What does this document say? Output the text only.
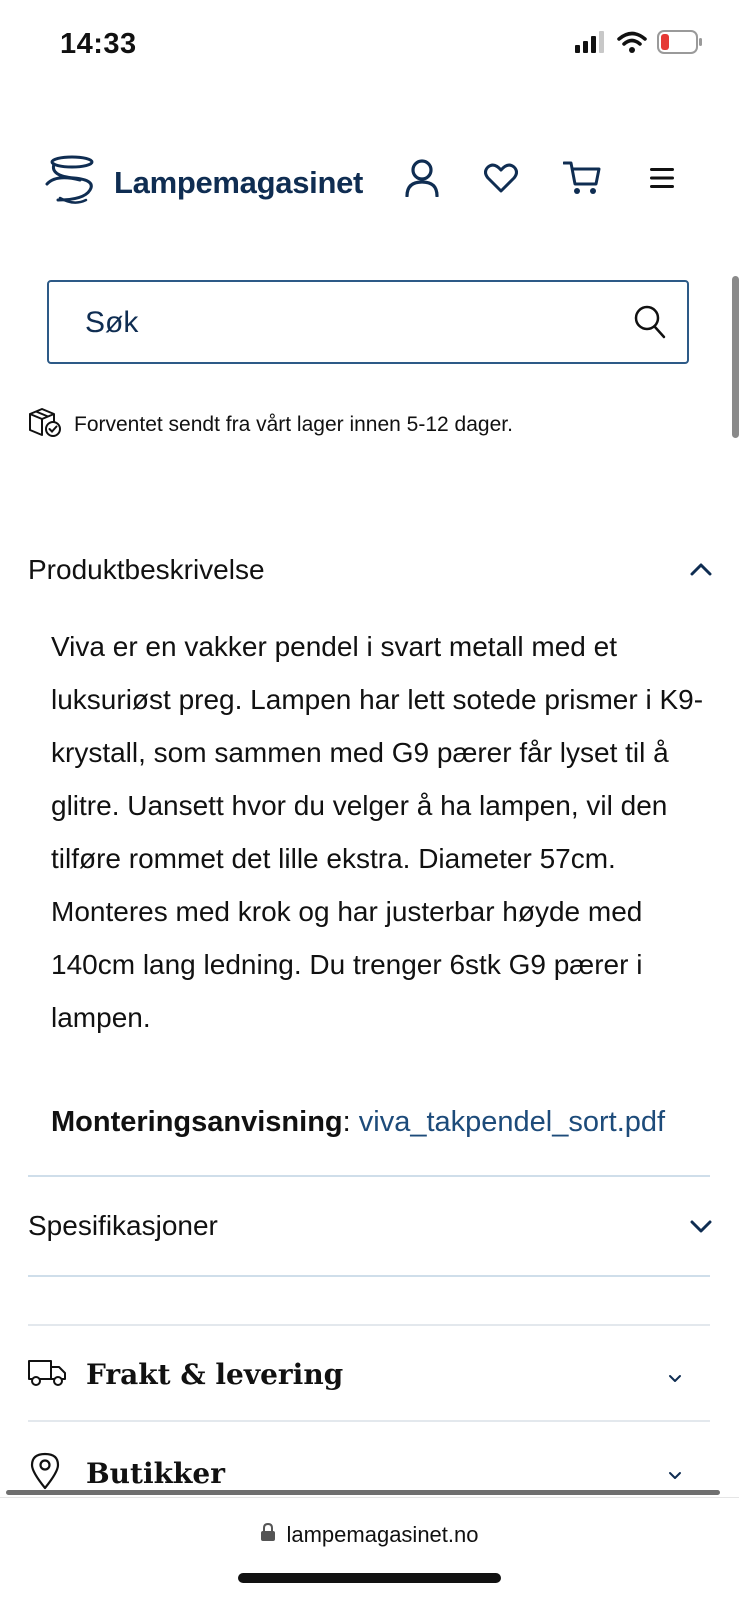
14:33
Lampemagasinet
Søk
Forventet sendt fra vårt lager innen 5-12 dager.
Produktbeskrivelse
Viva er en vakker pendel i svart metall med et luksuriøst preg. Lampen har lett sotede prismer i K9-krystall, som sammen med G9 pærer får lyset til å glitre. Uansett hvor du velger å ha lampen, vil den tilføre rommet det lille ekstra. Diameter 57cm. Monteres med krok og har justerbar høyde med 140cm lang ledning. Du trenger 6stk G9 pærer i lampen.
Monteringsanvisning: viva_takpendel_sort.pdf
Spesifikasjoner
Frakt & levering
Butikker
lampemagasinet.no
